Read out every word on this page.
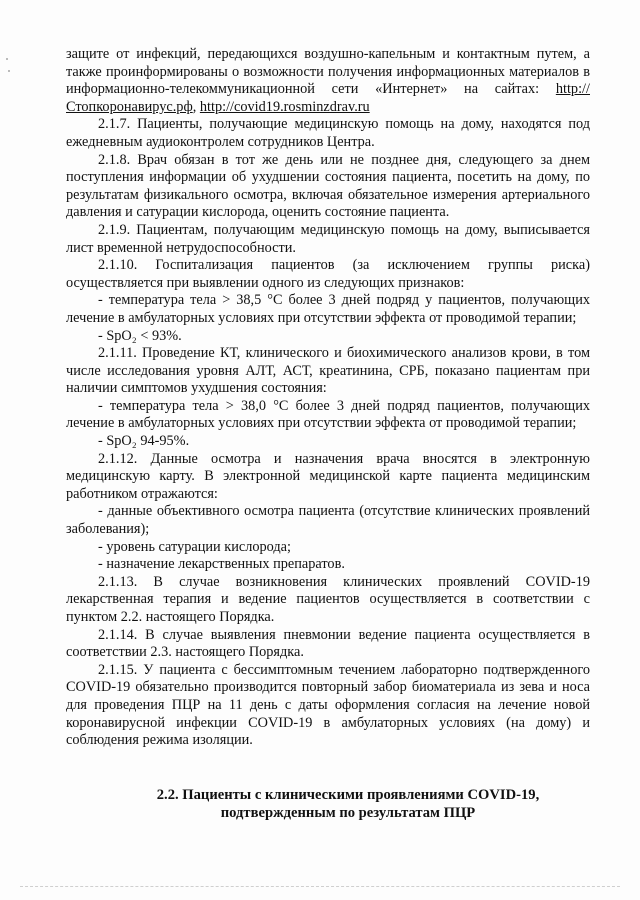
защите от инфекций, передающихся воздушно-капельным и контактным путем, а также проинформированы о возможности получения информационных материалов в информационно-телекоммуникационной сети «Интернет» на сайтах: http://Стопкоронавирус.рф, http://covid19.rosminzdrav.ru

2.1.7. Пациенты, получающие медицинскую помощь на дому, находятся под ежедневным аудиоконтролем сотрудников Центра.

2.1.8. Врач обязан в тот же день или не позднее дня, следующего за днем поступления информации об ухудшении состояния пациента, посетить на дому, по результатам физикального осмотра, включая обязательное измерения артериального давления и сатурации кислорода, оценить состояние пациента.

2.1.9. Пациентам, получающим медицинскую помощь на дому, выписывается лист временной нетрудоспособности.

2.1.10. Госпитализация пациентов (за исключением группы риска) осуществляется при выявлении одного из следующих признаков:

- температура тела > 38,5 °C более 3 дней подряд у пациентов, получающих лечение в амбулаторных условиях при отсутствии эффекта от проводимой терапии;

- SpO₂ < 93%.

2.1.11. Проведение КТ, клинического и биохимического анализов крови, в том числе исследования уровня АЛТ, АСТ, креатинина, СРБ, показано пациентам при наличии симптомов ухудшения состояния:

- температура тела > 38,0 °C более 3 дней подряд пациентов, получающих лечение в амбулаторных условиях при отсутствии эффекта от проводимой терапии;

- SpO₂ 94-95%.

2.1.12. Данные осмотра и назначения врача вносятся в электронную медицинскую карту. В электронной медицинской карте пациента медицинским работником отражаются:

- данные объективного осмотра пациента (отсутствие клинических проявлений заболевания);

- уровень сатурации кислорода;

- назначение лекарственных препаратов.

2.1.13. В случае возникновения клинических проявлений COVID-19 лекарственная терапия и ведение пациентов осуществляется в соответствии с пунктом 2.2. настоящего Порядка.

2.1.14. В случае выявления пневмонии ведение пациента осуществляется в соответствии 2.3. настоящего Порядка.

2.1.15. У пациента с бессимптомным течением лабораторно подтвержденного COVID-19 обязательно производится повторный забор биоматериала из зева и носа для проведения ПЦР на 11 день с даты оформления согласия на лечение новой коронавирусной инфекции COVID-19 в амбулаторных условиях (на дому) и соблюдения режима изоляции.

2.2. Пациенты с клиническими проявлениями COVID-19,
подтвержденным по результатам ПЦР
